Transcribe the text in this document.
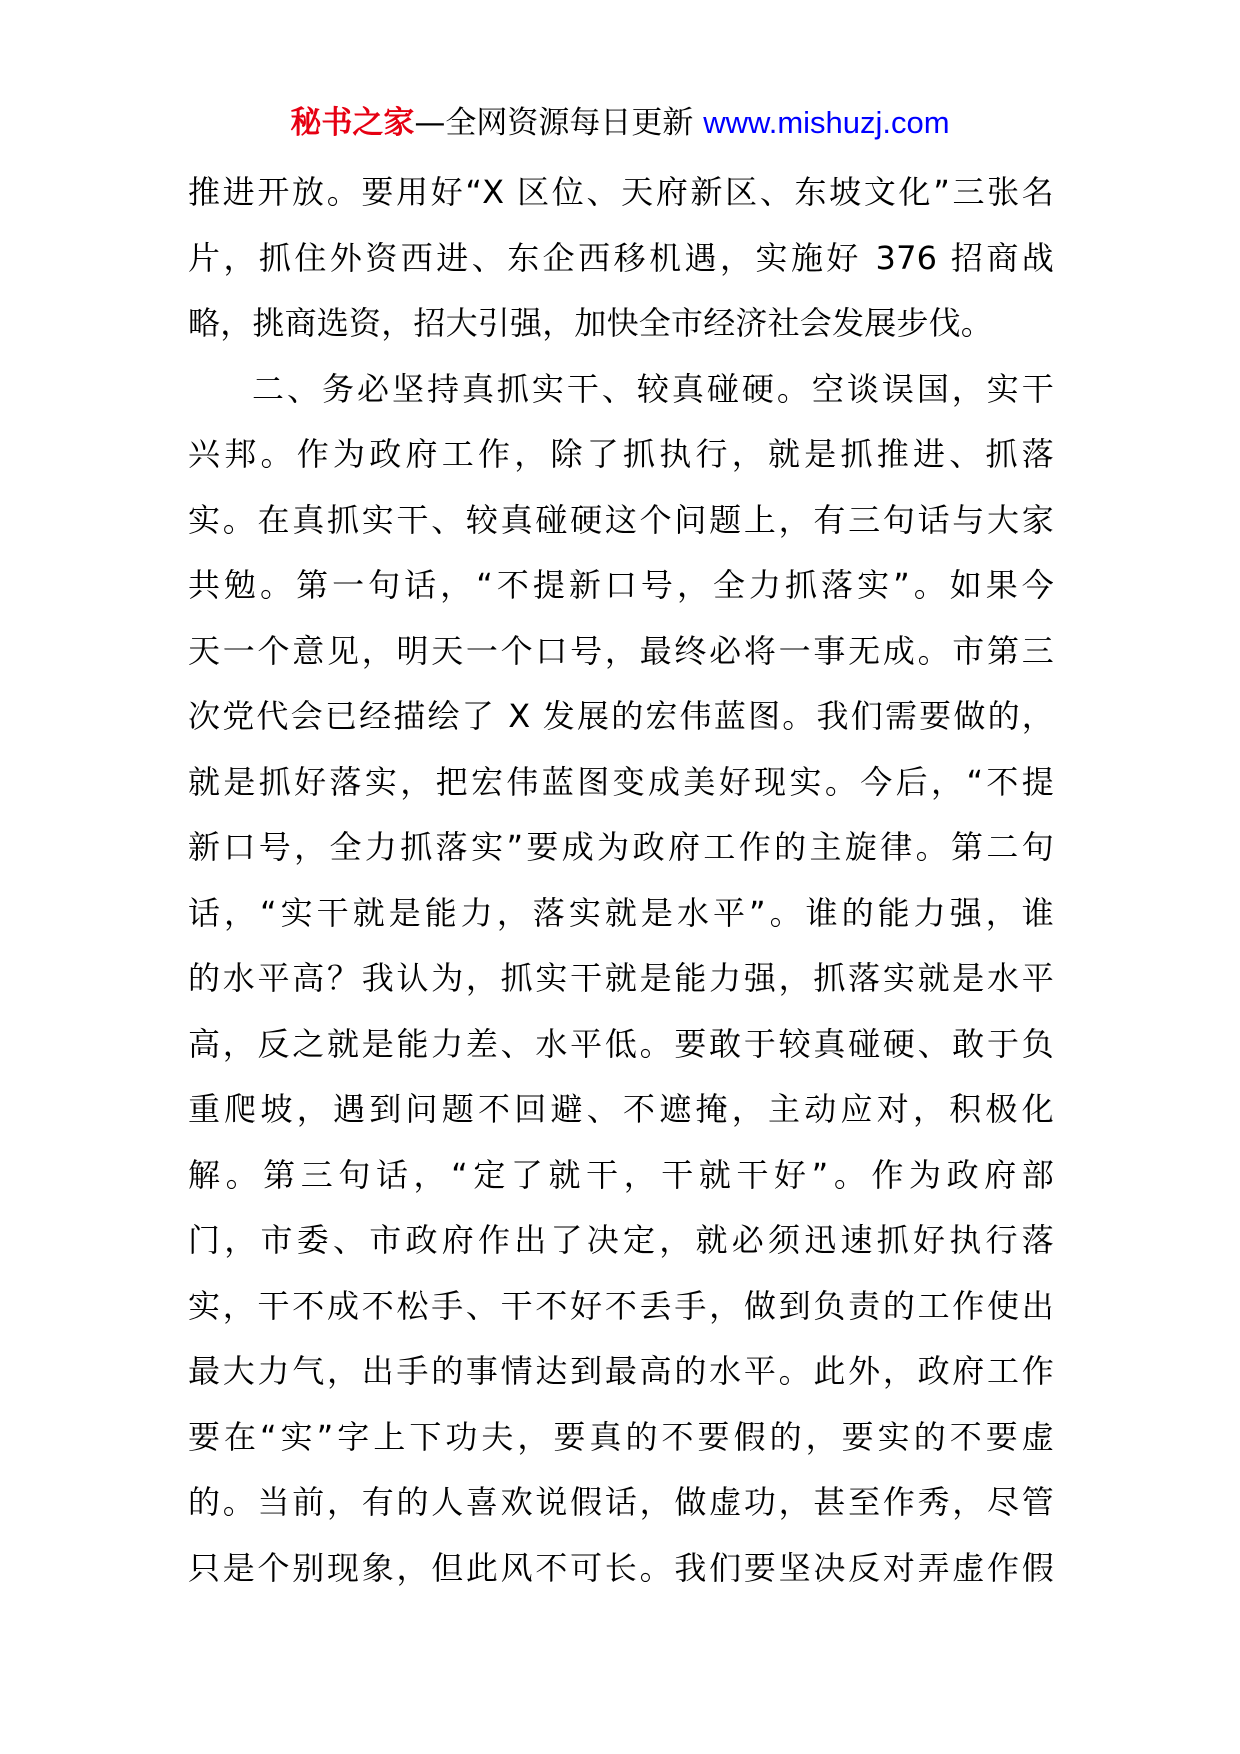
秘书之家—全网资源每日更新 www.mishuzj.com
推进开放。要用好“X 区位、天府新区、东坡文化”三张名
片，抓住外资西进、东企西移机遇，实施好 376 招商战
略，挑商选资，招大引强，加快全市经济社会发展步伐。
二、务必坚持真抓实干、较真碰硬。空谈误国，实干
兴邦。作为政府工作，除了抓执行，就是抓推进、抓落
实。在真抓实干、较真碰硬这个问题上，有三句话与大家
共勉。第一句话，“不提新口号，全力抓落实”。如果今
天一个意见，明天一个口号，最终必将一事无成。市第三
次党代会已经描绘了 X 发展的宏伟蓝图。我们需要做的，
就是抓好落实，把宏伟蓝图变成美好现实。今后，“不提
新口号，全力抓落实”要成为政府工作的主旋律。第二句
话，“实干就是能力，落实就是水平”。谁的能力强，谁
的水平高？我认为，抓实干就是能力强，抓落实就是水平
高，反之就是能力差、水平低。要敢于较真碰硬、敢于负
重爬坡，遇到问题不回避、不遮掩，主动应对，积极化
解。第三句话，“定了就干，干就干好”。作为政府部
门，市委、市政府作出了决定，就必须迅速抓好执行落
实，干不成不松手、干不好不丢手，做到负责的工作使出
最大力气，出手的事情达到最高的水平。此外，政府工作
要在“实”字上下功夫，要真的不要假的，要实的不要虚
的。当前，有的人喜欢说假话，做虚功，甚至作秀，尽管
只是个别现象，但此风不可长。我们要坚决反对弄虚作假
